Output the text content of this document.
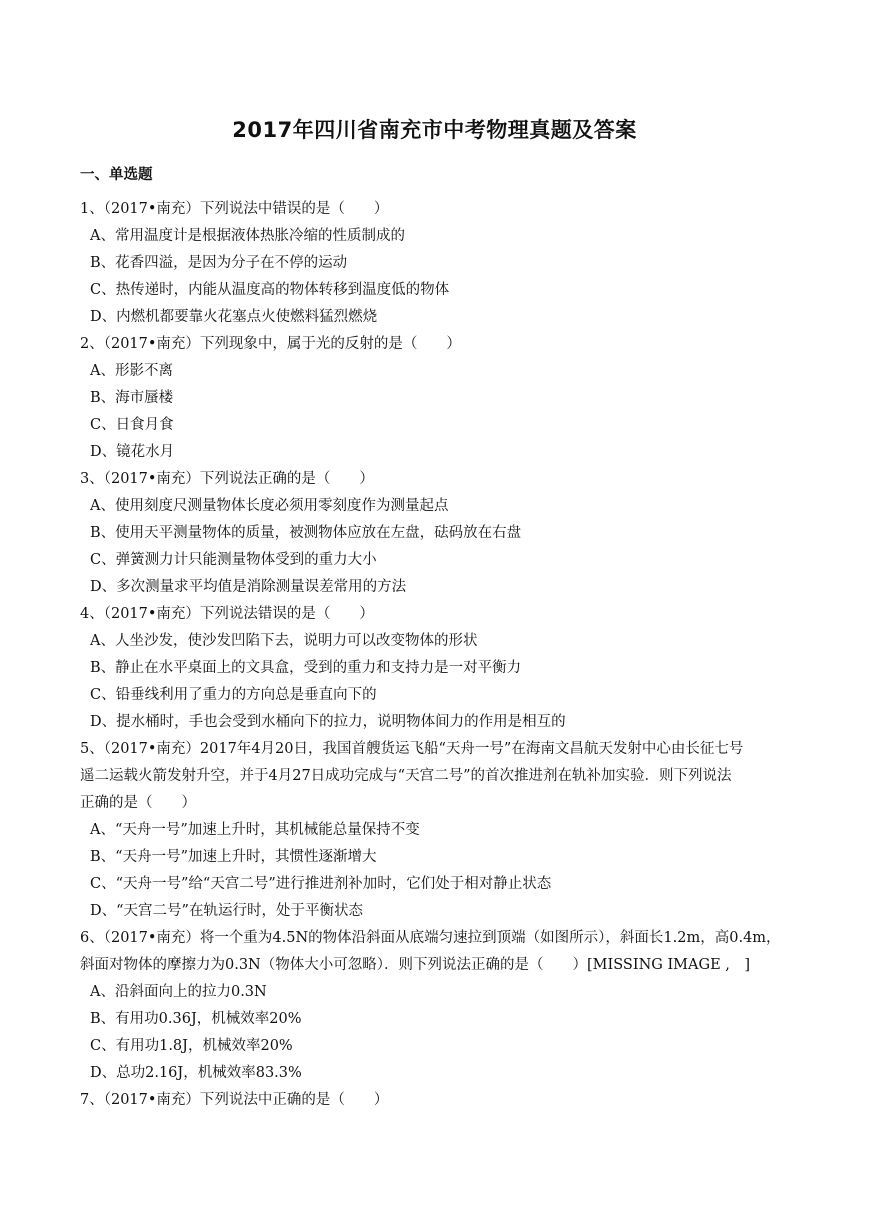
2017年四川省南充市中考物理真题及答案
一、单选题
1、（2017•南充）下列说法中错误的是（　　）
A、常用温度计是根据液体热胀冷缩的性质制成的
B、花香四溢，是因为分子在不停的运动
C、热传递时，内能从温度高的物体转移到温度低的物体
D、内燃机都要靠火花塞点火使燃料猛烈燃烧
2、（2017•南充）下列现象中，属于光的反射的是（　　）
A、形影不离
B、海市蜃楼
C、日食月食
D、镜花水月
3、（2017•南充）下列说法正确的是（　　）
A、使用刻度尺测量物体长度必须用零刻度作为测量起点
B、使用天平测量物体的质量，被测物体应放在左盘，砝码放在右盘
C、弹簧测力计只能测量物体受到的重力大小
D、多次测量求平均值是消除测量误差常用的方法
4、（2017•南充）下列说法错误的是（　　）
A、人坐沙发，使沙发凹陷下去，说明力可以改变物体的形状
B、静止在水平桌面上的文具盒，受到的重力和支持力是一对平衡力
C、铅垂线利用了重力的方向总是垂直向下的
D、提水桶时，手也会受到水桶向下的拉力，说明物体间力的作用是相互的
5、（2017•南充）2017年4月20日，我国首艘货运飞船“天舟一号”在海南文昌航天发射中心由长征七号
遥二运载火箭发射升空，并于4月27日成功完成与“天宫二号”的首次推进剂在轨补加实验．则下列说法
正确的是（　　）
A、“天舟一号”加速上升时，其机械能总量保持不变
B、“天舟一号”加速上升时，其惯性逐渐增大
C、“天舟一号”给“天宫二号”进行推进剂补加时，它们处于相对静止状态
D、“天宫二号”在轨运行时，处于平衡状态
6、（2017•南充）将一个重为4.5N的物体沿斜面从底端匀速拉到顶端（如图所示），斜面长1.2m，高0.4m，
斜面对物体的摩擦力为0.3N（物体大小可忽略）．则下列说法正确的是（　　）[MISSING IMAGE ,　]
A、沿斜面向上的拉力0.3N
B、有用功0.36J，机械效率20%
C、有用功1.8J，机械效率20%
D、总功2.16J，机械效率83.3%
7、（2017•南充）下列说法中正确的是（　　）
